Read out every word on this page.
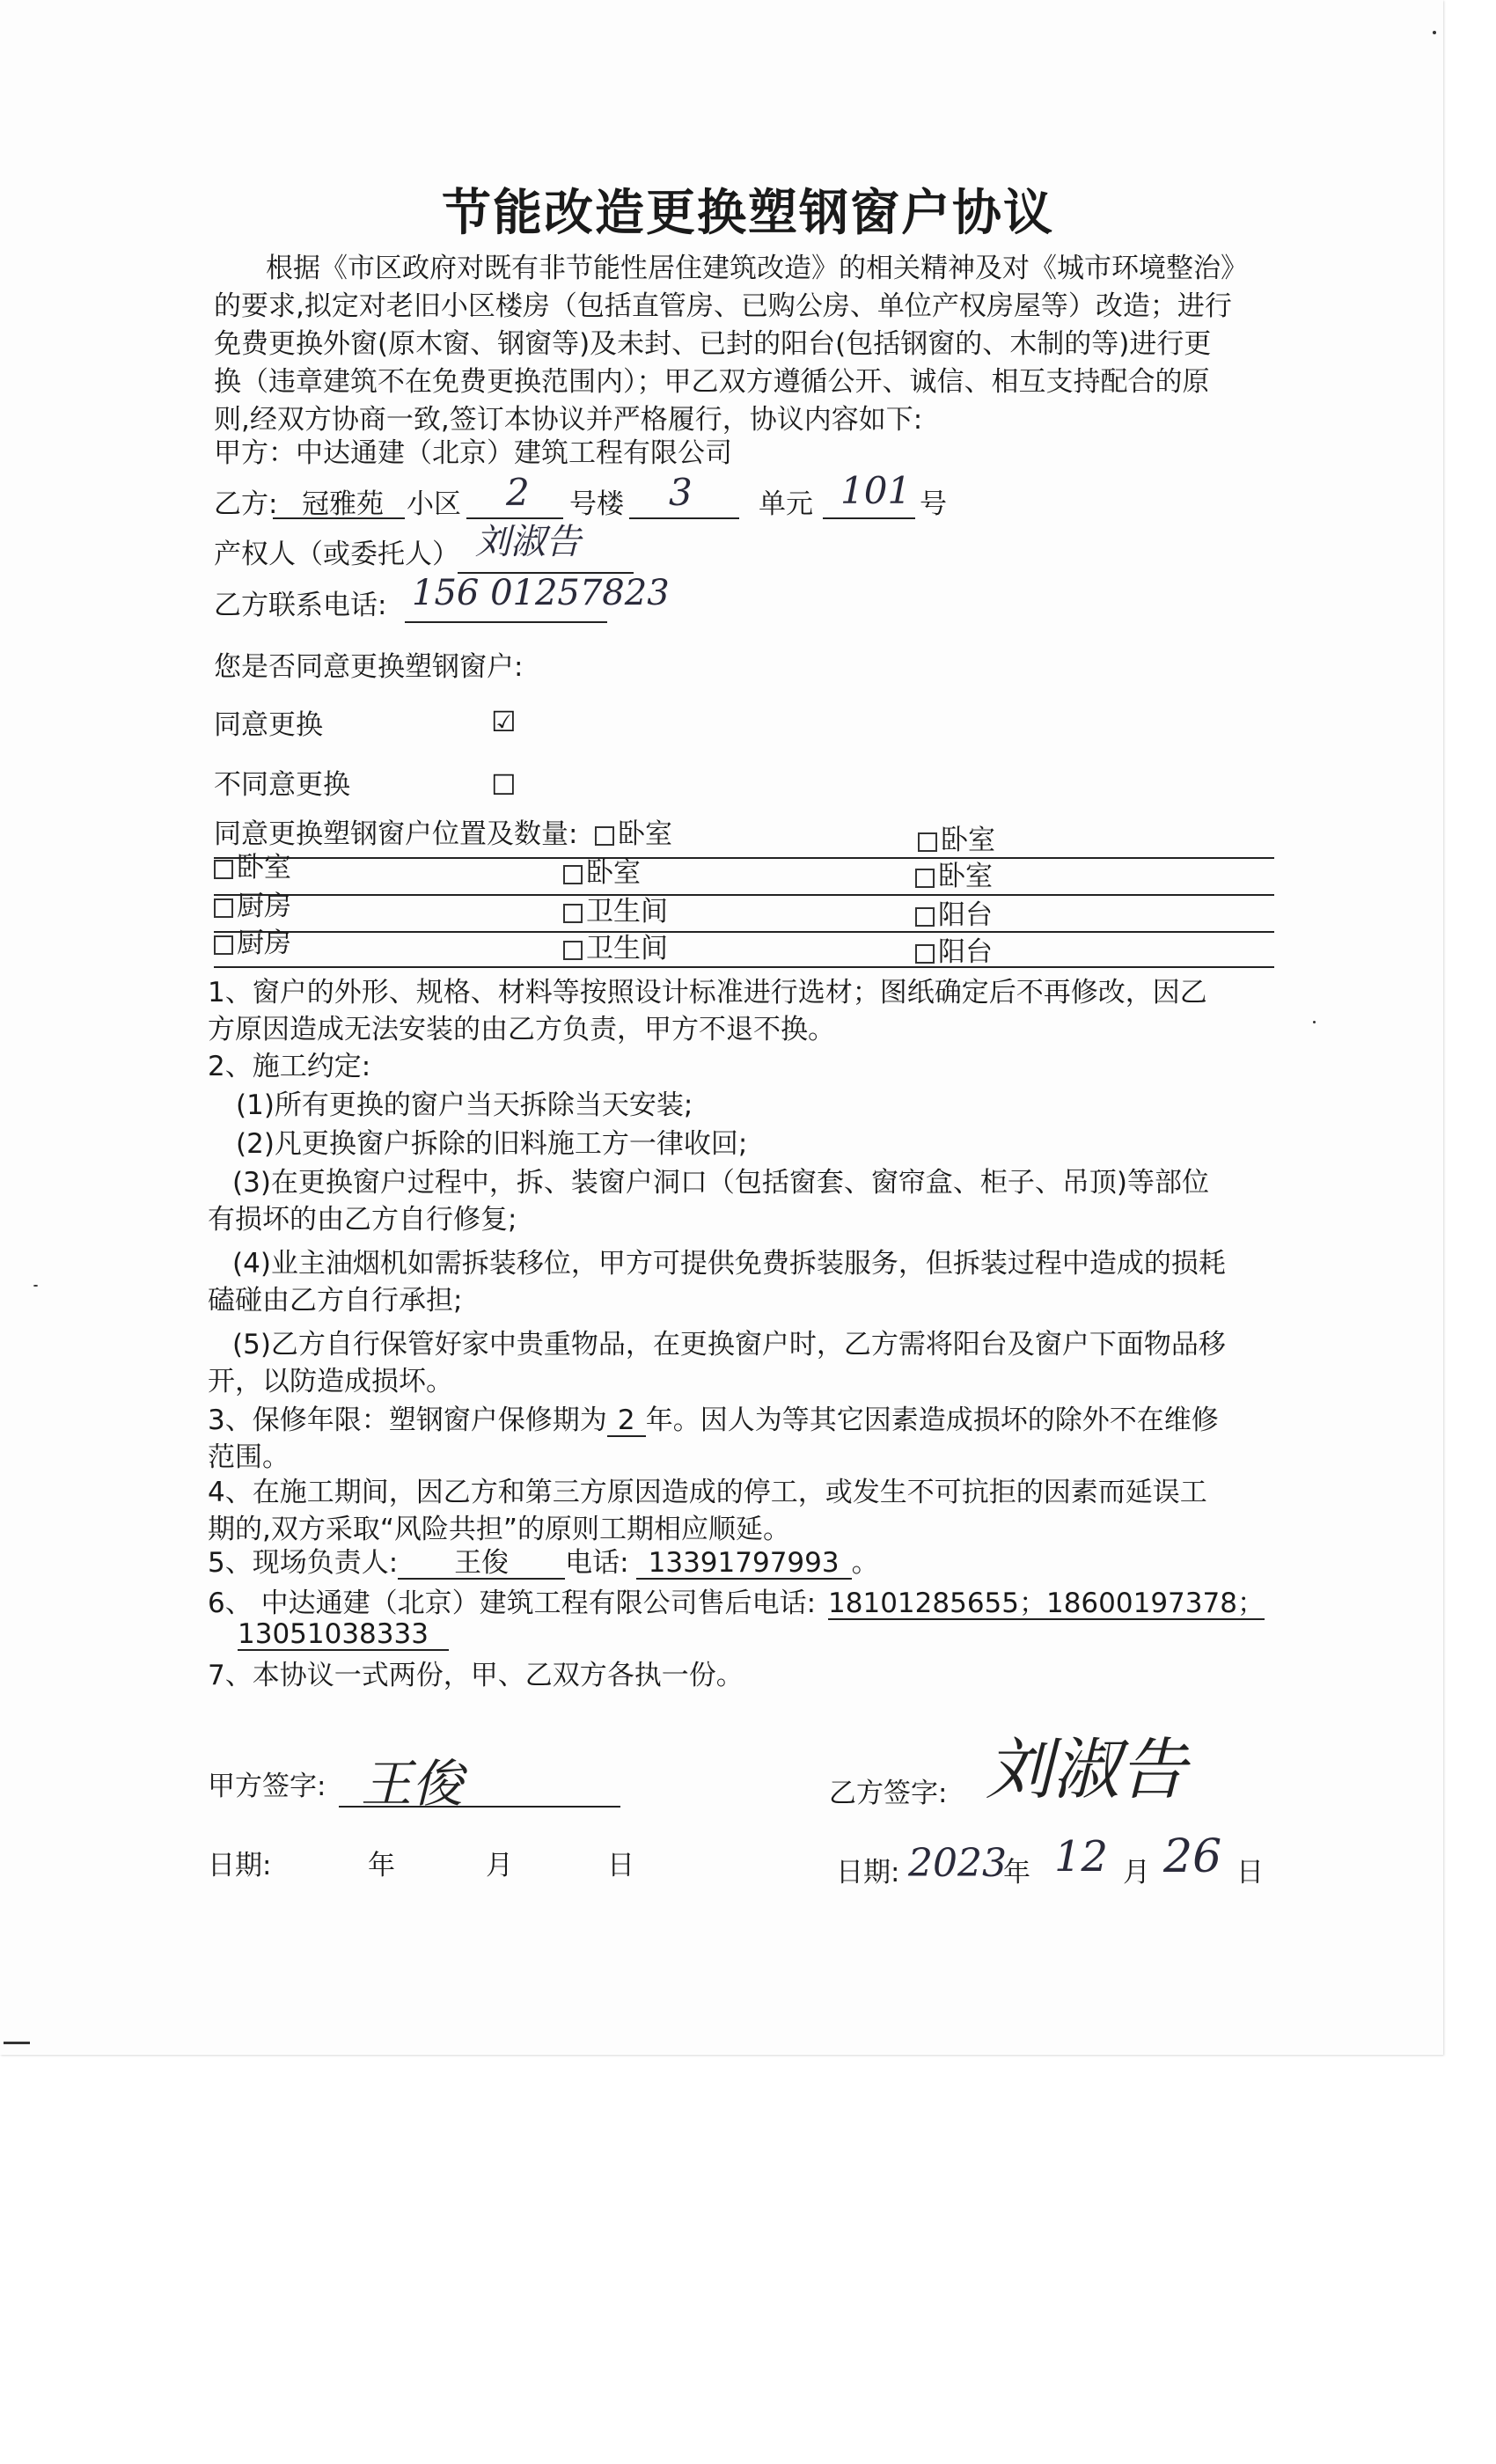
节能改造更换塑钢窗户协议
根据《市区政府对既有非节能性居住建筑改造》的相关精神及对《城市环境整治》
的要求,拟定对老旧小区楼房（包括直管房、已购公房、单位产权房屋等）改造；进行
免费更换外窗(原木窗、钢窗等)及未封、已封的阳台(包括钢窗的、木制的等)进行更
换（违章建筑不在免费更换范围内）；甲乙双方遵循公开、诚信、相互支持配合的原
则,经双方协商一致,签订本协议并严格履行，协议内容如下:
甲方：中达通建（北京）建筑工程有限公司
乙方: 冠雅苑 小区 2 号楼 3 单元 101 号
产权人（或委托人） 刘淑告
乙方联系电话: 156 01257823
您是否同意更换塑钢窗户:
同意更换	☑
不同意更换	☐
同意更换塑钢窗户位置及数量:	卧室	卧室
卧室	卧室	卧室
厨房	卫生间	阳台
厨房	卫生间	阳台
1、窗户的外形、规格、材料等按照设计标准进行选材；图纸确定后不再修改，因乙
方原因造成无法安装的由乙方负责，甲方不退不换。
2、施工约定:
(1)所有更换的窗户当天拆除当天安装;
(2)凡更换窗户拆除的旧料施工方一律收回;
(3)在更换窗户过程中，拆、装窗户洞口（包括窗套、窗帘盒、柜子、吊顶)等部位
有损坏的由乙方自行修复;
(4)业主油烟机如需拆装移位，甲方可提供免费拆装服务，但拆装过程中造成的损耗
磕碰由乙方自行承担;
(5)乙方自行保管好家中贵重物品，在更换窗户时，乙方需将阳台及窗户下面物品移
开，以防造成损坏。
3、保修年限：塑钢窗户保修期为 2 年。因人为等其它因素造成损坏的除外不在维修
范围。
4、在施工期间，因乙方和第三方原因造成的停工，或发生不可抗拒的因素而延误工
期的,双方采取“风险共担”的原则工期相应顺延。
5、现场负责人: 王俊 电话: 13391797993 。
6、 中达通建（北京）建筑工程有限公司售后电话: 18101285655；18600197378；
13051038333
7、本协议一式两份，甲、乙双方各执一份。
甲方签字: 王俊	乙方签字: 刘淑告
日期:	年	月	日	日期: 2023
年 12 月 26 日
